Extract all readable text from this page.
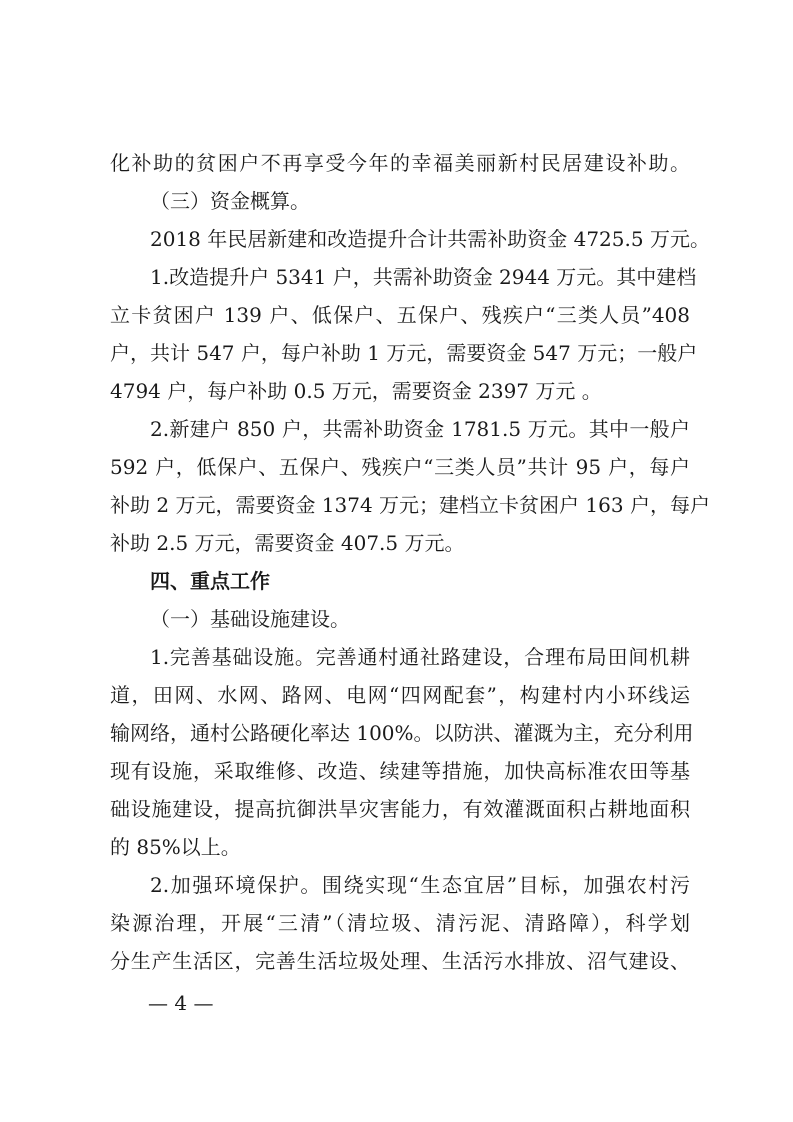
化补助的贫困户不再享受今年的幸福美丽新村民居建设补助。
（三）资金概算。
2018 年民居新建和改造提升合计共需补助资金 4725.5 万元。
1.改造提升户 5341 户，共需补助资金 2944 万元。其中建档
立卡贫困户 139 户、低保户、五保户、残疾户“三类人员”408
户，共计 547 户，每户补助 1 万元，需要资金 547 万元；一般户
4794 户，每户补助 0.5 万元，需要资金 2397 万元 。
2.新建户 850 户，共需补助资金 1781.5 万元。其中一般户
592 户，低保户、五保户、残疾户“三类人员”共计 95 户，每户
补助 2 万元，需要资金 1374 万元；建档立卡贫困户 163 户，每户
补助 2.5 万元，需要资金 407.5 万元。
四、重点工作
（一）基础设施建设。
1.完善基础设施。完善通村通社路建设，合理布局田间机耕
道，田网、水网、路网、电网“四网配套”，构建村内小环线运
输网络，通村公路硬化率达 100%。以防洪、灌溉为主，充分利用
现有设施，采取维修、改造、续建等措施，加快高标准农田等基
础设施建设，提高抗御洪旱灾害能力，有效灌溉面积占耕地面积
的 85%以上。
2.加强环境保护。围绕实现“生态宜居”目标，加强农村污
染源治理，开展“三清”（清垃圾、清污泥、清路障），科学划
分生产生活区，完善生活垃圾处理、生活污水排放、沼气建设、
— 4 —
